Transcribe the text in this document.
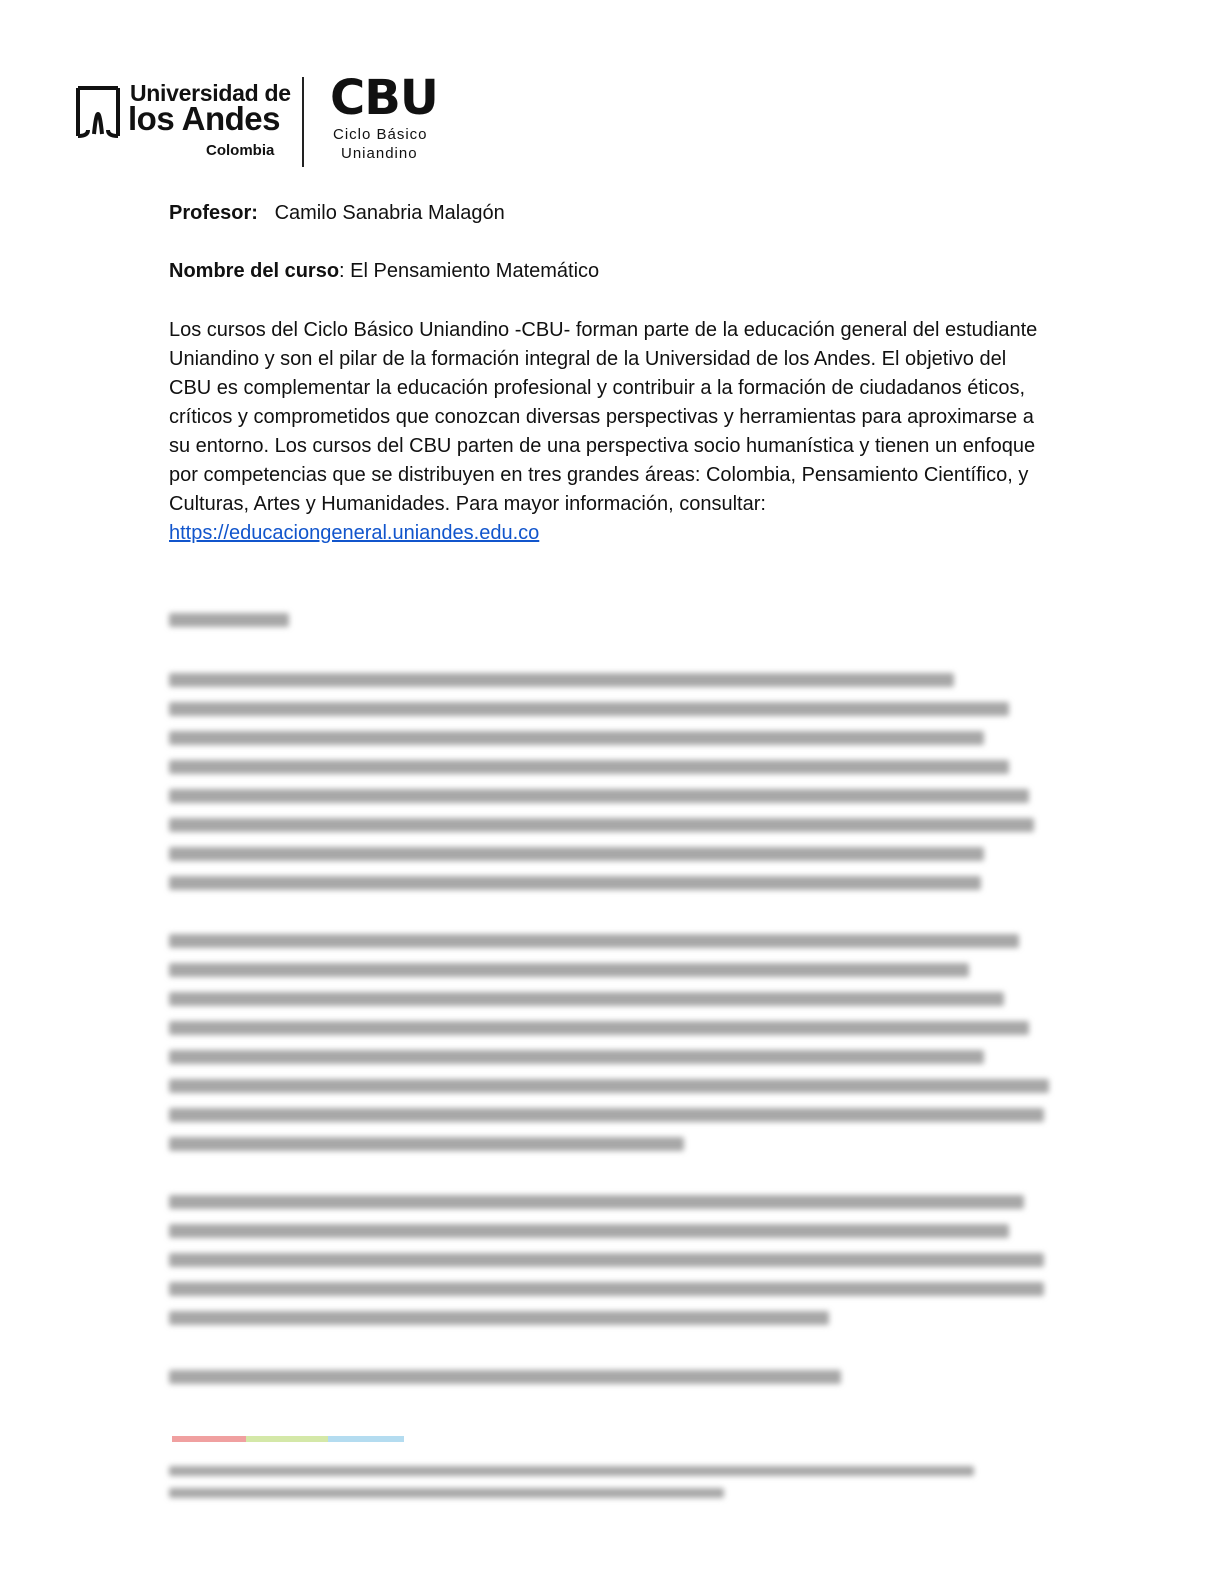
Universidad de
los Andes
Colombia
CBU
Ciclo Básico
Uniandino
Profesor: Camilo Sanabria Malagón
Nombre del curso: El Pensamiento Matemático
Los cursos del Ciclo Básico Uniandino -CBU- forman parte de la educación general del estudiante Uniandino y son el pilar de la formación integral de la Universidad de los Andes. El objetivo del CBU es complementar la educación profesional y contribuir a la formación de ciudadanos éticos, críticos y comprometidos que conozcan diversas perspectivas y herramientas para aproximarse a su entorno. Los cursos del CBU parten de una perspectiva socio humanística y tienen un enfoque por competencias que se distribuyen en tres grandes áreas: Colombia, Pensamiento Científico, y Culturas, Artes y Humanidades. Para mayor información, consultar:
https://educaciongeneral.uniandes.edu.co
